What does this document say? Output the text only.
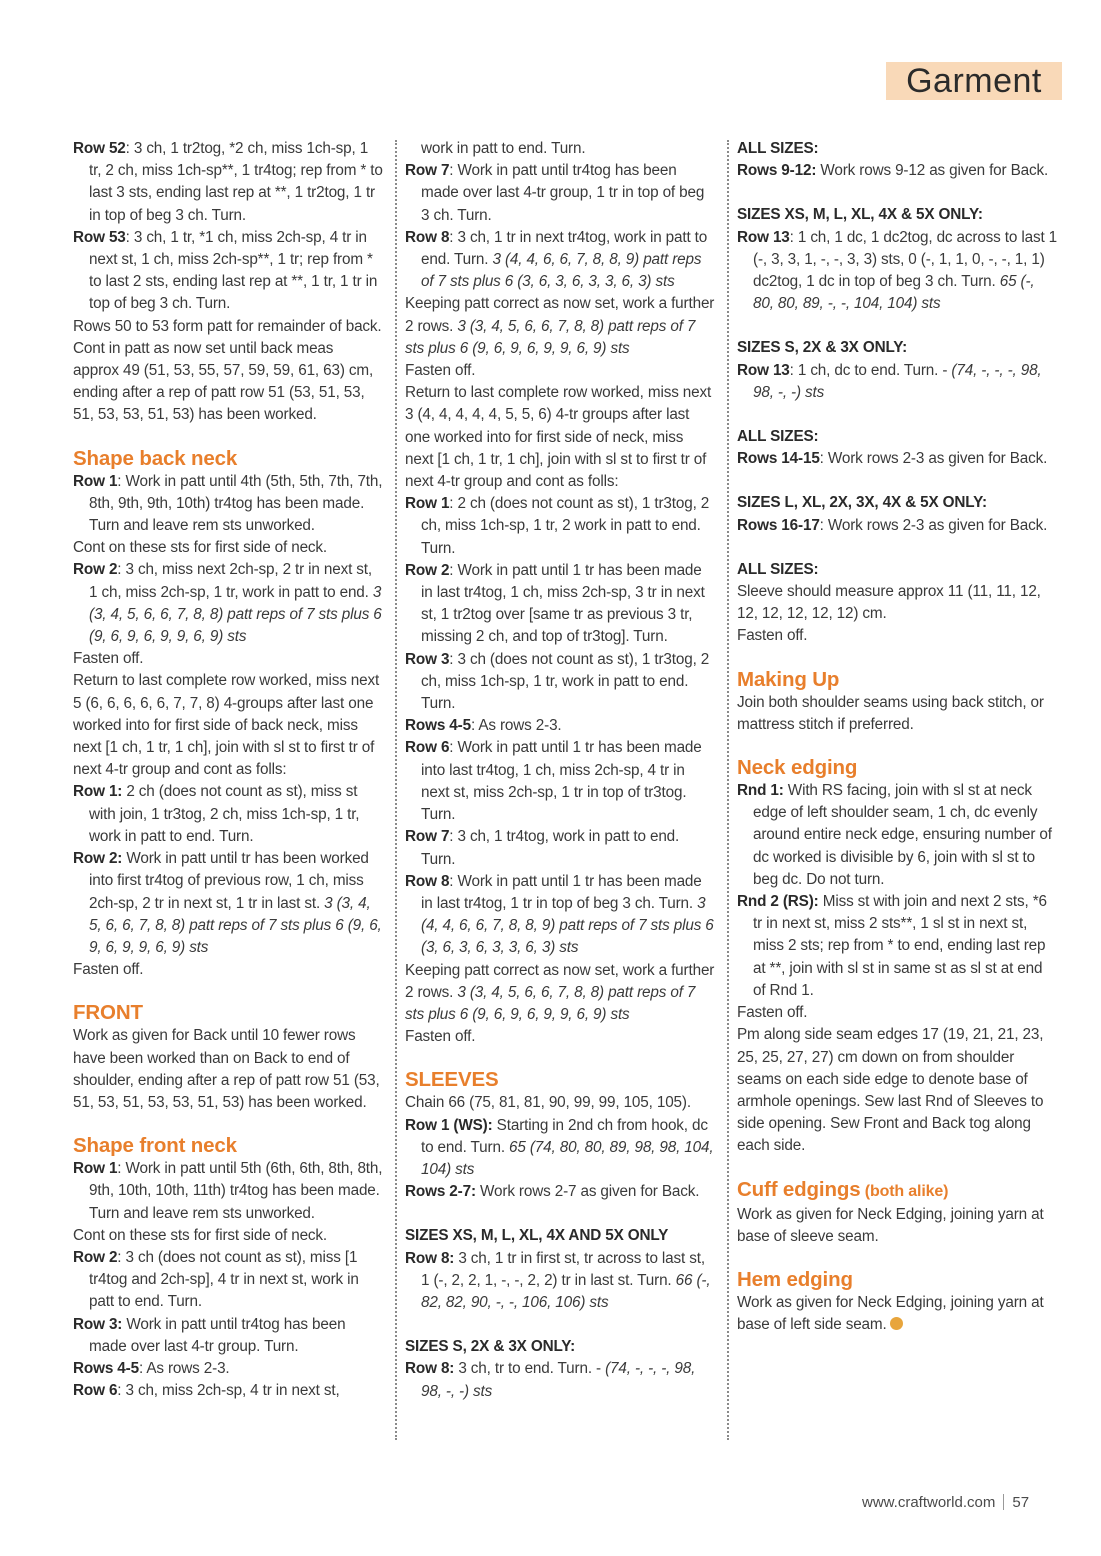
Garment

Row 52: 3 ch, 1 tr2tog, *2 ch, miss 1ch-sp, 1 tr, 2 ch, miss 1ch-sp**, 1 tr4tog; rep from * to last 3 sts, ending last rep at **, 1 tr2tog, 1 tr in top of beg 3 ch. Turn.

Row 53: 3 ch, 1 tr, *1 ch, miss 2ch-sp, 4 tr in next st, 1 ch, miss 2ch-sp**, 1 tr; rep from * to last 2 sts, ending last rep at **, 1 tr, 1 tr in top of beg 3 ch. Turn.

Rows 50 to 53 form patt for remainder of back.

Cont in patt as now set until back meas approx 49 (51, 53, 55, 57, 59, 59, 61, 63) cm, ending after a rep of patt row 51 (53, 51, 53, 51, 53, 53, 51, 53) has been worked.

Shape back neck

Row 1: Work in patt until 4th (5th, 5th, 7th, 7th, 8th, 9th, 9th, 10th) tr4tog has been made. Turn and leave rem sts unworked.

Cont on these sts for first side of neck.

Row 2: 3 ch, miss next 2ch-sp, 2 tr in next st, 1 ch, miss 2ch-sp, 1 tr, work in patt to end. 3 (3, 4, 5, 6, 6, 7, 8, 8) patt reps of 7 sts plus 6 (9, 6, 9, 6, 9, 9, 6, 9) sts

Fasten off.

Return to last complete row worked, miss next 5 (6, 6, 6, 6, 6, 7, 7, 8) 4-groups after last one worked into for first side of back neck, miss next [1 ch, 1 tr, 1 ch], join with sl st to first tr of next 4-tr group and cont as folls:

Row 1: 2 ch (does not count as st), miss st with join, 1 tr3tog, 2 ch, miss 1ch-sp, 1 tr, work in patt to end. Turn.

Row 2: Work in patt until tr has been worked into first tr4tog of previous row, 1 ch, miss 2ch-sp, 2 tr in next st, 1 tr in last st. 3 (3, 4, 5, 6, 6, 7, 8, 8) patt reps of 7 sts plus 6 (9, 6, 9, 6, 9, 9, 6, 9) sts

Fasten off.

FRONT

Work as given for Back until 10 fewer rows have been worked than on Back to end of shoulder, ending after a rep of patt row 51 (53, 51, 53, 51, 53, 53, 51, 53) has been worked.

Shape front neck

Row 1: Work in patt until 5th (6th, 6th, 8th, 8th, 9th, 10th, 10th, 11th) tr4tog has been made. Turn and leave rem sts unworked.

Cont on these sts for first side of neck.

Row 2: 3 ch (does not count as st), miss [1 tr4tog and 2ch-sp], 4 tr in next st, work in patt to end. Turn.

Row 3: Work in patt until tr4tog has been made over last 4-tr group. Turn.

Rows 4-5: As rows 2-3.

Row 6: 3 ch, miss 2ch-sp, 4 tr in next st,

work in patt to end. Turn.

Row 7: Work in patt until tr4tog has been made over last 4-tr group, 1 tr in top of beg 3 ch. Turn.

Row 8: 3 ch, 1 tr in next tr4tog, work in patt to end. Turn. 3 (4, 4, 6, 6, 7, 8, 8, 9) patt reps of 7 sts plus 6 (3, 6, 3, 6, 3, 3, 6, 3) sts

Keeping patt correct as now set, work a further 2 rows. 3 (3, 4, 5, 6, 6, 7, 8, 8) patt reps of 7 sts plus 6 (9, 6, 9, 6, 9, 9, 6, 9) sts

Fasten off.

Return to last complete row worked, miss next 3 (4, 4, 4, 4, 4, 5, 5, 6) 4-tr groups after last one worked into for first side of neck, miss next [1 ch, 1 tr, 1 ch], join with sl st to first tr of next 4-tr group and cont as folls:

Row 1: 2 ch (does not count as st), 1 tr3tog, 2 ch, miss 1ch-sp, 1 tr, 2 work in patt to end. Turn.

Row 2: Work in patt until 1 tr has been made in last tr4tog, 1 ch, miss 2ch-sp, 3 tr in next st, 1 tr2tog over [same tr as previous 3 tr, missing 2 ch, and top of tr3tog]. Turn.

Row 3: 3 ch (does not count as st), 1 tr3tog, 2 ch, miss 1ch-sp, 1 tr, work in patt to end. Turn.

Rows 4-5: As rows 2-3.

Row 6: Work in patt until 1 tr has been made into last tr4tog, 1 ch, miss 2ch-sp, 4 tr in next st, miss 2ch-sp, 1 tr in top of tr3tog. Turn.

Row 7: 3 ch, 1 tr4tog, work in patt to end. Turn.

Row 8: Work in patt until 1 tr has been made in last tr4tog, 1 tr in top of beg 3 ch. Turn. 3 (4, 4, 6, 6, 7, 8, 8, 9) patt reps of 7 sts plus 6 (3, 6, 3, 6, 3, 3, 6, 3) sts

Keeping patt correct as now set, work a further 2 rows. 3 (3, 4, 5, 6, 6, 7, 8, 8) patt reps of 7 sts plus 6 (9, 6, 9, 6, 9, 9, 6, 9) sts

Fasten off.

SLEEVES

Chain 66 (75, 81, 81, 90, 99, 99, 105, 105).

Row 1 (WS): Starting in 2nd ch from hook, dc to end. Turn. 65 (74, 80, 80, 89, 98, 98, 104, 104) sts

Rows 2-7: Work rows 2-7 as given for Back.

SIZES XS, M, L, XL, 4X AND 5X ONLY

Row 8: 3 ch, 1 tr in first st, tr across to last st, 1 (-, 2, 2, 1, -, -, 2, 2) tr in last st. Turn. 66 (-, 82, 82, 90, -, -, 106, 106) sts

SIZES S, 2X & 3X ONLY:

Row 8: 3 ch, tr to end. Turn. - (74, -, -, -, 98, 98, -, -) sts

ALL SIZES:

Rows 9-12: Work rows 9-12 as given for Back.

SIZES XS, M, L, XL, 4X & 5X ONLY:

Row 13: 1 ch, 1 dc, 1 dc2tog, dc across to last 1 (-, 3, 3, 1, -, -, 3, 3) sts, 0 (-, 1, 1, 0, -, -, 1, 1) dc2tog, 1 dc in top of beg 3 ch. Turn. 65 (-, 80, 80, 89, -, -, 104, 104) sts

SIZES S, 2X & 3X ONLY:

Row 13: 1 ch, dc to end. Turn. - (74, -, -, -, 98, 98, -, -) sts

ALL SIZES:

Rows 14-15: Work rows 2-3 as given for Back.

SIZES L, XL, 2X, 3X, 4X & 5X ONLY:

Rows 16-17: Work rows 2-3 as given for Back.

ALL SIZES:

Sleeve should measure approx 11 (11, 11, 12, 12, 12, 12, 12, 12) cm.

Fasten off.

Making Up

Join both shoulder seams using back stitch, or mattress stitch if preferred.

Neck edging

Rnd 1: With RS facing, join with sl st at neck edge of left shoulder seam, 1 ch, dc evenly around entire neck edge, ensuring number of dc worked is divisible by 6, join with sl st to beg dc. Do not turn.

Rnd 2 (RS): Miss st with join and next 2 sts, *6 tr in next st, miss 2 sts**, 1 sl st in next st, miss 2 sts; rep from * to end, ending last rep at **, join with sl st in same st as sl st at end of Rnd 1.

Fasten off.

Pm along side seam edges 17 (19, 21, 21, 23, 25, 25, 27, 27) cm down on from shoulder seams on each side edge to denote base of armhole openings. Sew last Rnd of Sleeves to side opening. Sew Front and Back tog along each side.

Cuff edgings (both alike)

Work as given for Neck Edging, joining yarn at base of sleeve seam.

Hem edging

Work as given for Neck Edging, joining yarn at base of left side seam.

www.craftworld.com 57
